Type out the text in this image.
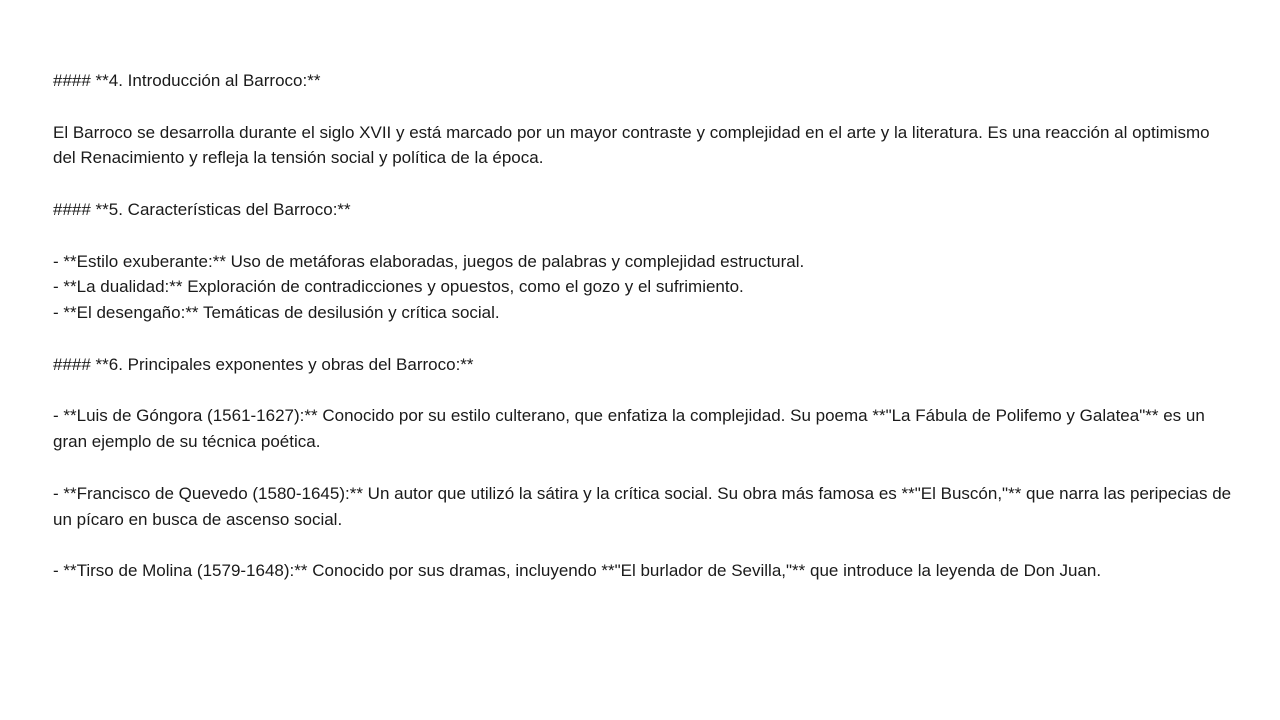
#### **4. Introducción al Barroco:**
El Barroco se desarrolla durante el siglo XVII y está marcado por un mayor contraste y complejidad en el arte y la literatura. Es una reacción al optimismo del Renacimiento y refleja la tensión social y política de la época.
#### **5. Características del Barroco:**
- **Estilo exuberante:** Uso de metáforas elaboradas, juegos de palabras y complejidad estructural.
- **La dualidad:** Exploración de contradicciones y opuestos, como el gozo y el sufrimiento.
- **El desengaño:** Temáticas de desilusión y crítica social.
#### **6. Principales exponentes y obras del Barroco:**
- **Luis de Góngora (1561-1627):** Conocido por su estilo culterano, que enfatiza la complejidad. Su poema **"La Fábula de Polifemo y Galatea"** es un gran ejemplo de su técnica poética.
- **Francisco de Quevedo (1580-1645):** Un autor que utilizó la sátira y la crítica social. Su obra más famosa es **"El Buscón,"** que narra las peripecias de un pícaro en busca de ascenso social.
- **Tirso de Molina (1579-1648):** Conocido por sus dramas, incluyendo **"El burlador de Sevilla,"** que introduce la leyenda de Don Juan.
